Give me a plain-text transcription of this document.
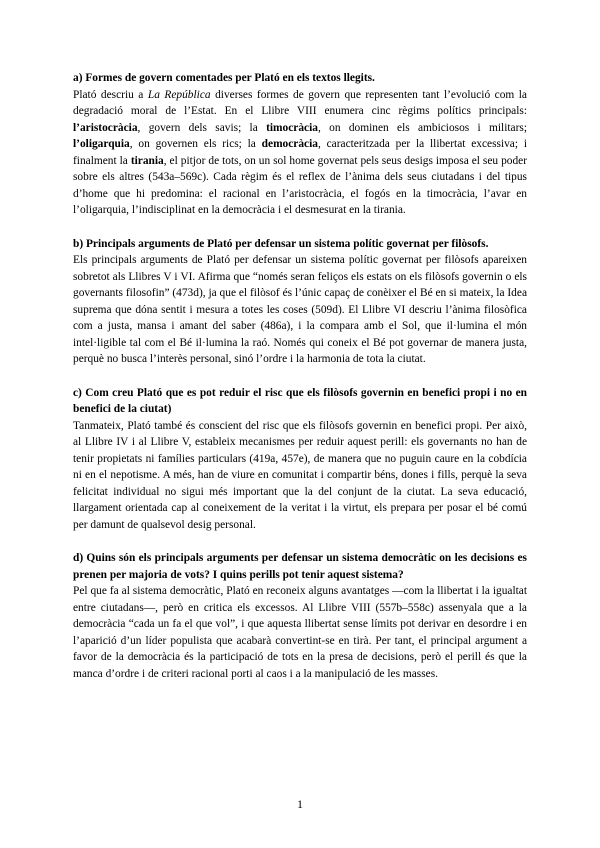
a) Formes de govern comentades per Plató en els textos llegits.

Plató descriu a La República diverses formes de govern que representen tant l’evolució com la degradació moral de l’Estat. En el Llibre VIII enumera cinc règims polítics principals: l’aristocràcia, govern dels savis; la timocràcia, on dominen els ambiciosos i militars; l’oligarquia, on governen els rics; la democràcia, caracteritzada per la llibertat excessiva; i finalment la tirania, el pitjor de tots, on un sol home governat pels seus desigs imposa el seu poder sobre els altres (543a–569c). Cada règim és el reflex de l’ànima dels seus ciutadans i del tipus d’home que hi predomina: el racional en l’aristocràcia, el fogós en la timocràcia, l’avar en l’oligarquia, l’indisciplinat en la democràcia i el desmesurat en la tirania.

b) Principals arguments de Plató per defensar un sistema polític governat per filòsofs.

Els principals arguments de Plató per defensar un sistema polític governat per filòsofs apareixen sobretot als Llibres V i VI. Afirma que “només seran feliços els estats on els filòsofs governin o els governants filosofin” (473d), ja que el filòsof és l’únic capaç de conèixer el Bé en si mateix, la Idea suprema que dóna sentit i mesura a totes les coses (509d). El Llibre VI descriu l’ànima filosòfica com a justa, mansa i amant del saber (486a), i la compara amb el Sol, que il·lumina el món intel·ligible tal com el Bé il·lumina la raó. Només qui coneix el Bé pot governar de manera justa, perquè no busca l’interès personal, sinó l’ordre i la harmonia de tota la ciutat.

c) Com creu Plató que es pot reduir el risc que els filòsofs governin en benefici propi i no en benefici de la ciutat)

Tanmateix, Plató també és conscient del risc que els filòsofs governin en benefici propi. Per això, al Llibre IV i al Llibre V, estableix mecanismes per reduir aquest perill: els governants no han de tenir propietats ni famílies particulars (419a, 457e), de manera que no puguin caure en la cobdícia ni en el nepotisme. A més, han de viure en comunitat i compartir béns, dones i fills, perquè la seva felicitat individual no sigui més important que la del conjunt de la ciutat. La seva educació, llargament orientada cap al coneixement de la veritat i la virtut, els prepara per posar el bé comú per damunt de qualsevol desig personal.

d) Quins són els principals arguments per defensar un sistema democràtic on les decisions es prenen per majoria de vots? I quins perills pot tenir aquest sistema?

Pel que fa al sistema democràtic, Plató en reconeix alguns avantatges —com la llibertat i la igualtat entre ciutadans—, però en critica els excessos. Al Llibre VIII (557b–558c) assenyala que a la democràcia “cada un fa el que vol”, i que aquesta llibertat sense límits pot derivar en desordre i en l’aparició d’un líder populista que acabarà convertint-se en tirà. Per tant, el principal argument a favor de la democràcia és la participació de tots en la presa de decisions, però el perill és que la manca d’ordre i de criteri racional porti al caos i a la manipulació de les masses.

1
